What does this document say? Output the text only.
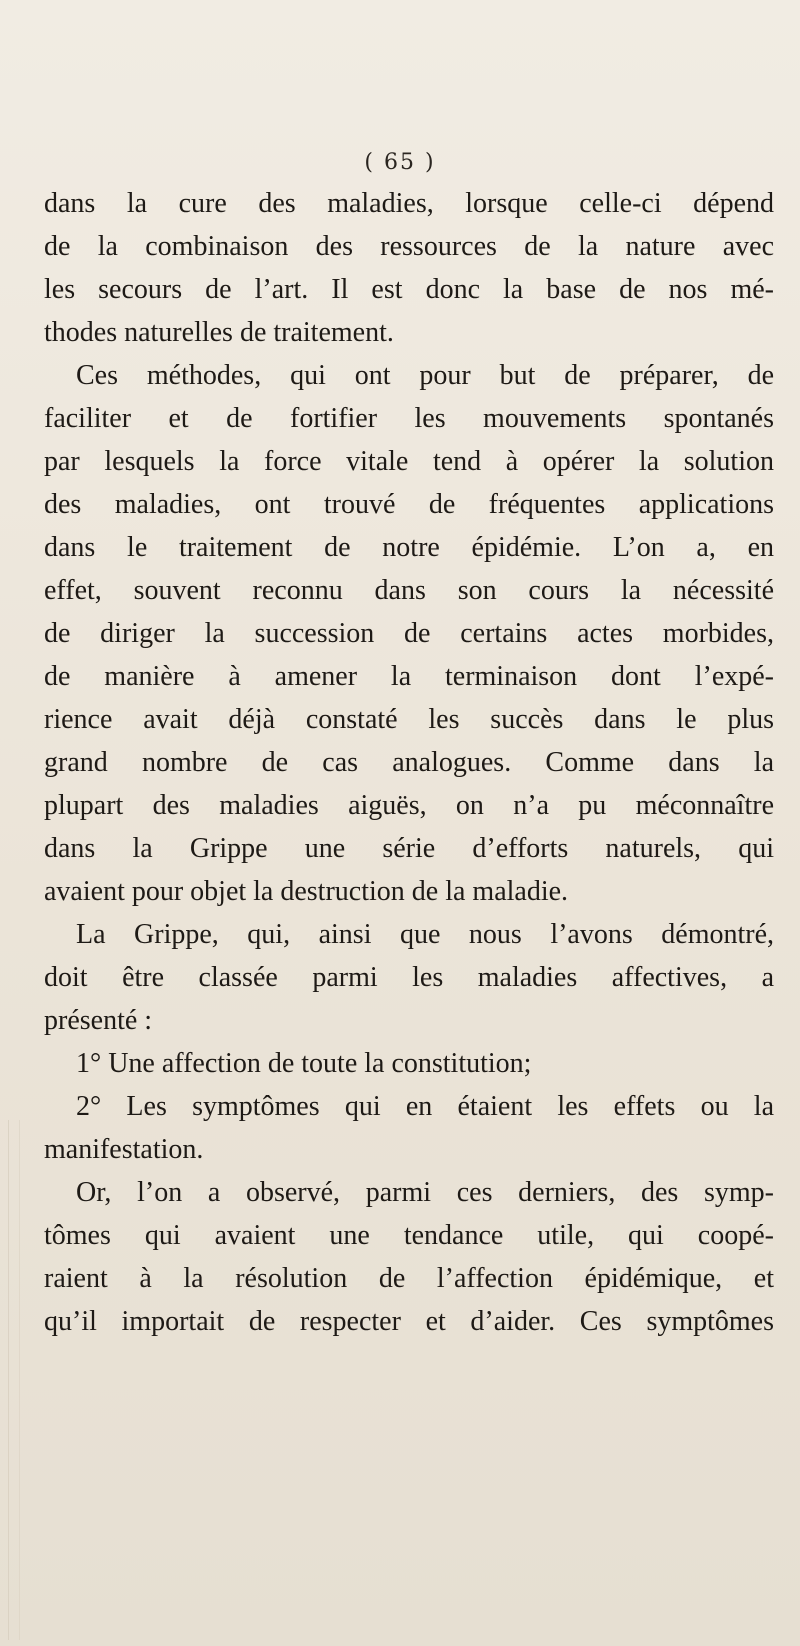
( 65 )
dans la cure des maladies, lorsque celle-ci dépend
de la combinaison des ressources de la nature avec
les secours de l’art. Il est donc la base de nos mé-
thodes naturelles de traitement.
Ces méthodes, qui ont pour but de préparer, de
faciliter et de fortifier les mouvements spontanés
par lesquels la force vitale tend à opérer la solution
des maladies, ont trouvé de fréquentes applications
dans le traitement de notre épidémie. L’on a, en
effet, souvent reconnu dans son cours la nécessité
de diriger la succession de certains actes morbides,
de manière à amener la terminaison dont l’expé-
rience avait déjà constaté les succès dans le plus
grand nombre de cas analogues. Comme dans la
plupart des maladies aiguës, on n’a pu méconnaître
dans la Grippe une série d’efforts naturels, qui
avaient pour objet la destruction de la maladie.
La Grippe, qui, ainsi que nous l’avons démontré,
doit être classée parmi les maladies affectives, a
présenté :
1° Une affection de toute la constitution;
2° Les symptômes qui en étaient les effets ou la
manifestation.
Or, l’on a observé, parmi ces derniers, des symp-
tômes qui avaient une tendance utile, qui coopé-
raient à la résolution de l’affection épidémique, et
qu’il importait de respecter et d’aider. Ces symptômes
